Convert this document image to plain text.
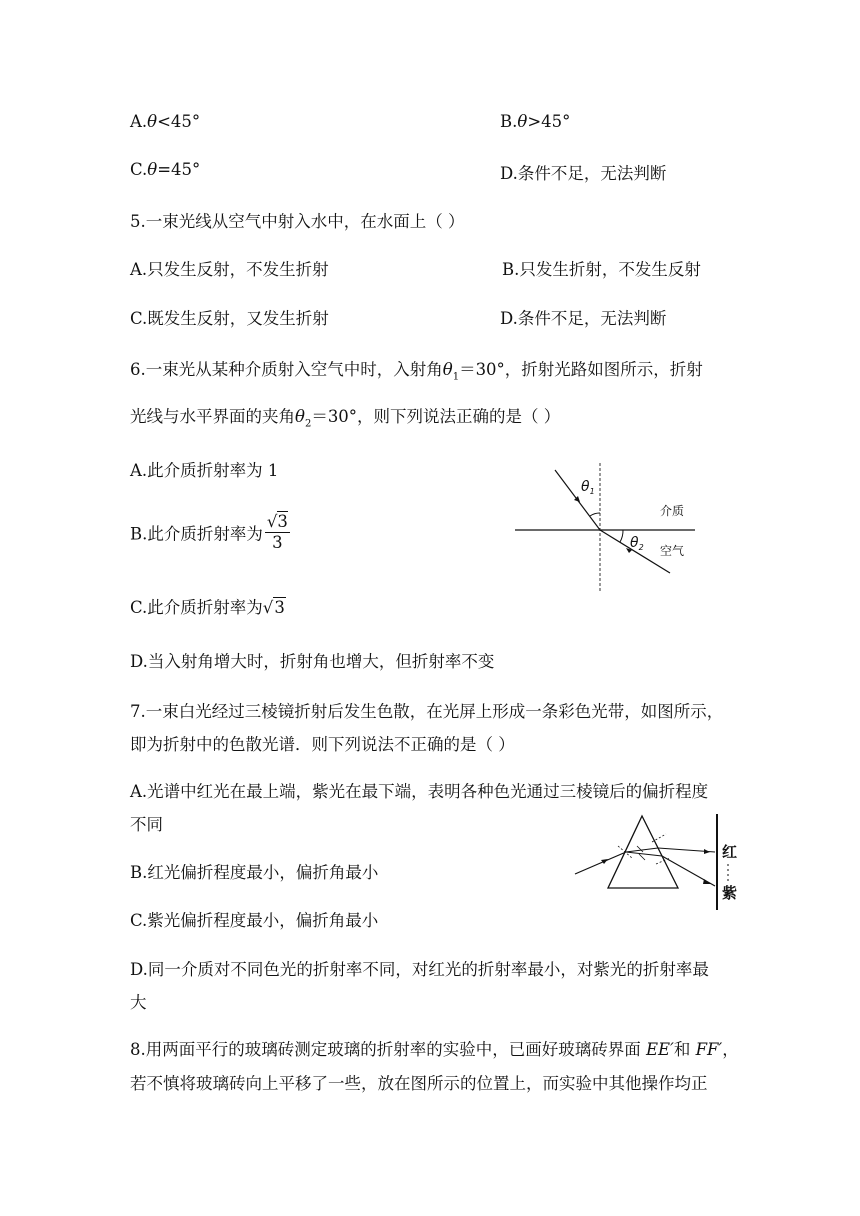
A.θ<45°	B.θ>45°
C.θ=45°	D.条件不足，无法判断
5.一束光线从空气中射入水中，在水面上（ ）
A.只发生反射，不发生折射	B.只发生折射，不发生反射
C.既发生反射，又发生折射	D.条件不足，无法判断
6.一束光从某种介质射入空气中时，入射角$\theta_1=30^\circ$，折射光路如图所示，折射
光线与水平界面的夹角$\theta_2=30^\circ$，则下列说法正确的是（ ）
A.此介质折射率为 1
B.此介质折射率为 $\frac{√3}{3}$
C.此介质折射率为√3
D.当入射角增大时，折射角也增大，但折射率不变
$\theta_1$
$\theta_2$
介质
空气
7.一束白光经过三棱镜折射后发生色散，在光屏上形成一条彩色光带，如图所示，
即为折射中的色散光谱．则下列说法不正确的是（ ）
A.光谱中红光在最上端，紫光在最下端，表明各种色光通过三棱镜后的偏折程度
不同
B.红光偏折程度最小，偏折角最小
C.紫光偏折程度最小，偏折角最小
D.同一介质对不同色光的折射率不同，对红光的折射率最小，对紫光的折射率最
大
红
紫
8.用两面平行的玻璃砖测定玻璃的折射率的实验中，已画好玻璃砖界面 EE′和 FF′，
若不慎将玻璃砖向上平移了一些，放在图所示的位置上，而实验中其他操作均正
